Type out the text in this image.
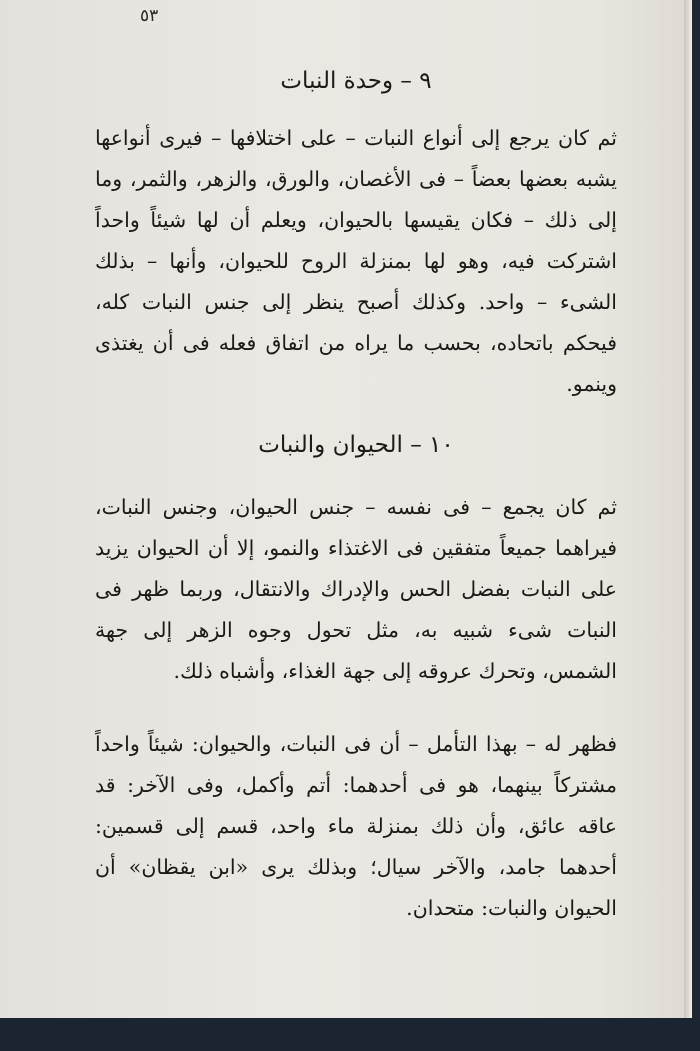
٥٣
٩ – وحدة النبات

ثم كان يرجع إلى أنواع النبات – على اختلافها – فيرى أنواعها يشبه بعضها بعضاً – فى الأغصان، والورق، والزهر، والثمر، وما إلى ذلك – فكان يقيسها بالحيوان، ويعلم أن لها شيئاً واحداً اشتركت فيه، وهو لها بمنزلة الروح للحيوان، وأنها – بذلك الشىء – واحد. وكذلك أصبح ينظر إلى جنس النبات كله، فيحكم باتحاده، بحسب ما يراه من اتفاق فعله فى أن يغتذى وينمو.

١٠ – الحيوان والنبات

ثم كان يجمع – فى نفسه – جنس الحيوان، وجنس النبات، فيراهما جميعاً متفقين فى الاغتذاء والنمو، إلا أن الحيوان يزيد على النبات بفضل الحس والإدراك والانتقال، وربما ظهر فى النبات شىء شبيه به، مثل تحول وجوه الزهر إلى جهة الشمس، وتحرك عروقه إلى جهة الغذاء، وأشباه ذلك.

فظهر له – بهذا التأمل – أن فى النبات، والحيوان: شيئاً واحداً مشتركاً بينهما، هو فى أحدهما: أتم وأكمل، وفى الآخر: قد عاقه عائق، وأن ذلك بمنزلة ماء واحد، قسم إلى قسمين: أحدهما جامد، والآخر سيال؛ وبذلك يرى «ابن يقظان» أن الحيوان والنبات: متحدان.
